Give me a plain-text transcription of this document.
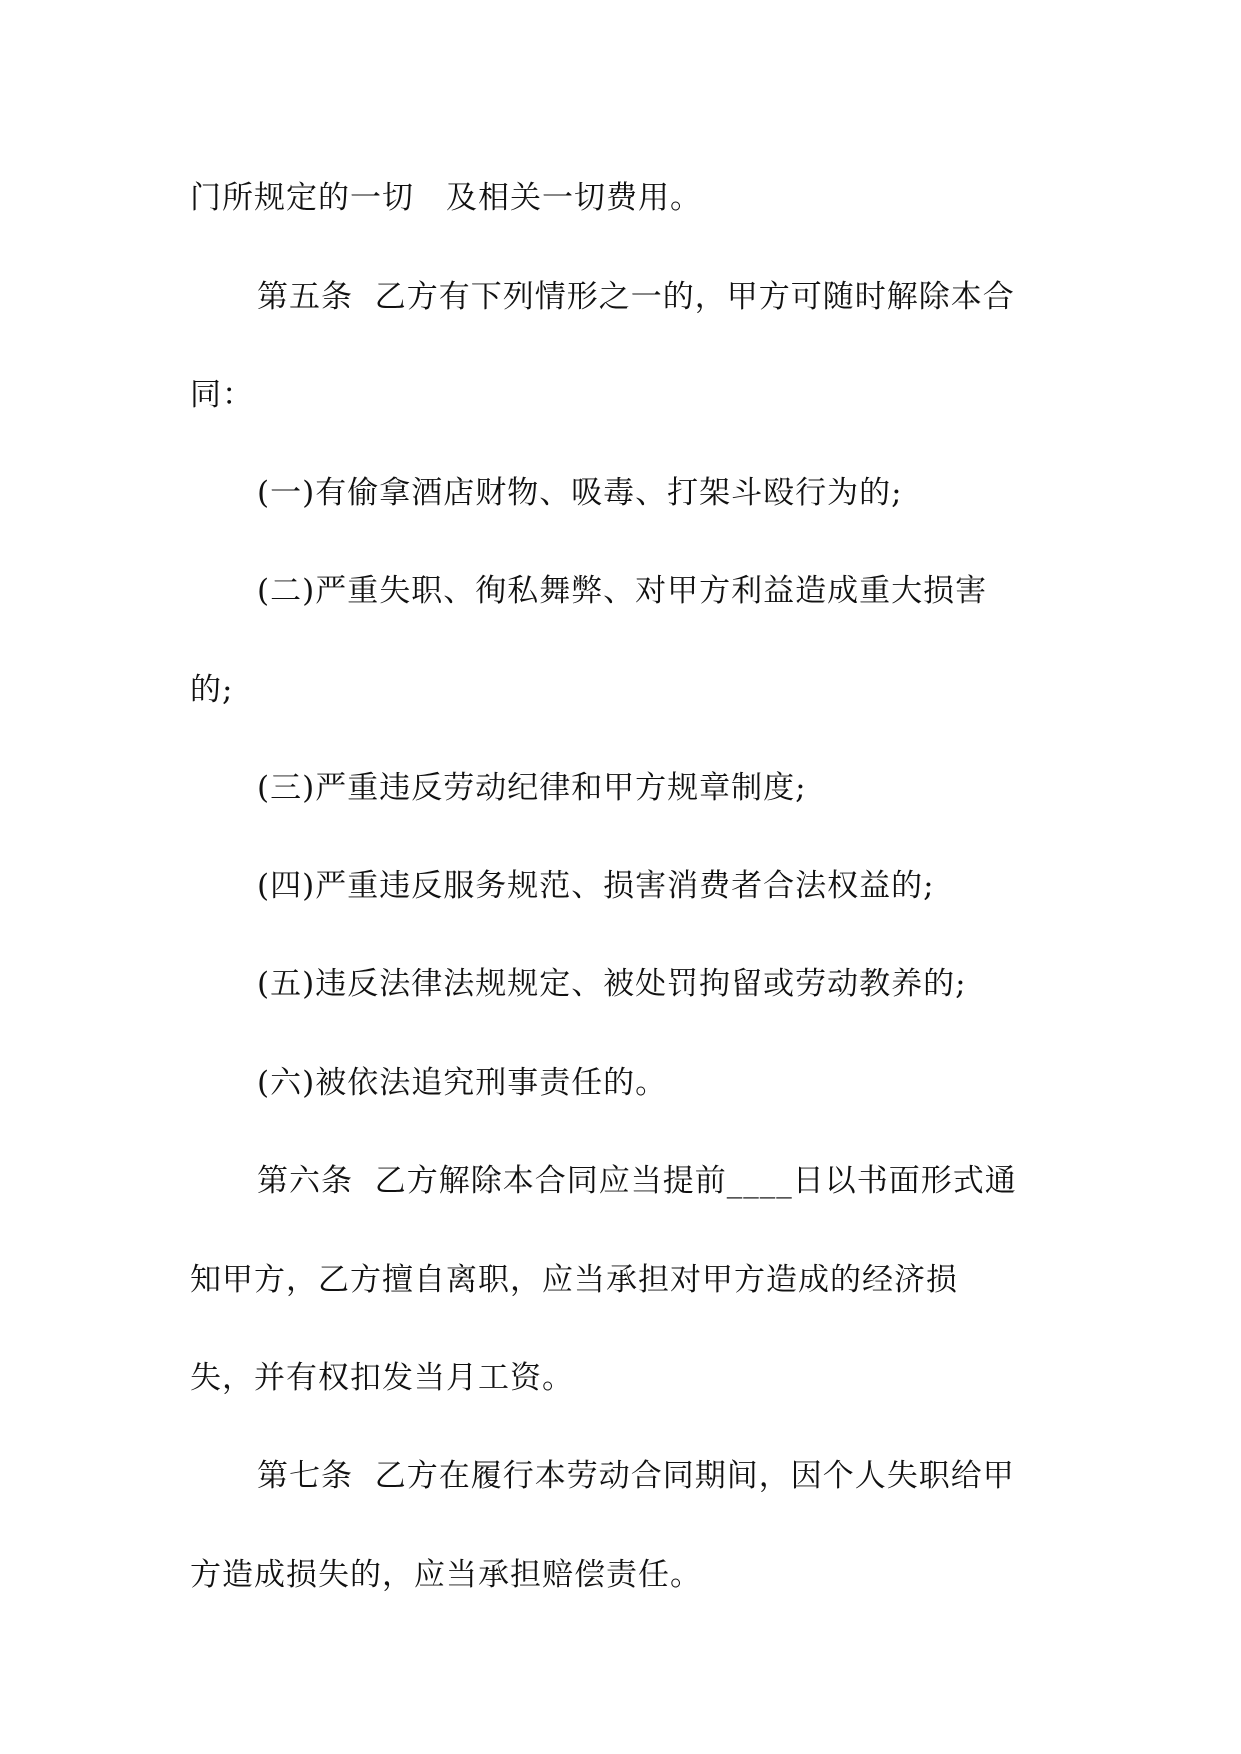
门所规定的一切　及相关一切费用。
第五条  乙方有下列情形之一的，甲方可随时解除本合
同：
(一)有偷拿酒店财物、吸毒、打架斗殴行为的;
(二)严重失职、徇私舞弊、对甲方利益造成重大损害
的;
(三)严重违反劳动纪律和甲方规章制度;
(四)严重违反服务规范、损害消费者合法权益的;
(五)违反法律法规规定、被处罚拘留或劳动教养的;
(六)被依法追究刑事责任的。
第六条  乙方解除本合同应当提前____日以书面形式通
知甲方，乙方擅自离职，应当承担对甲方造成的经济损
失，并有权扣发当月工资。
第七条  乙方在履行本劳动合同期间，因个人失职给甲
方造成损失的，应当承担赔偿责任。
